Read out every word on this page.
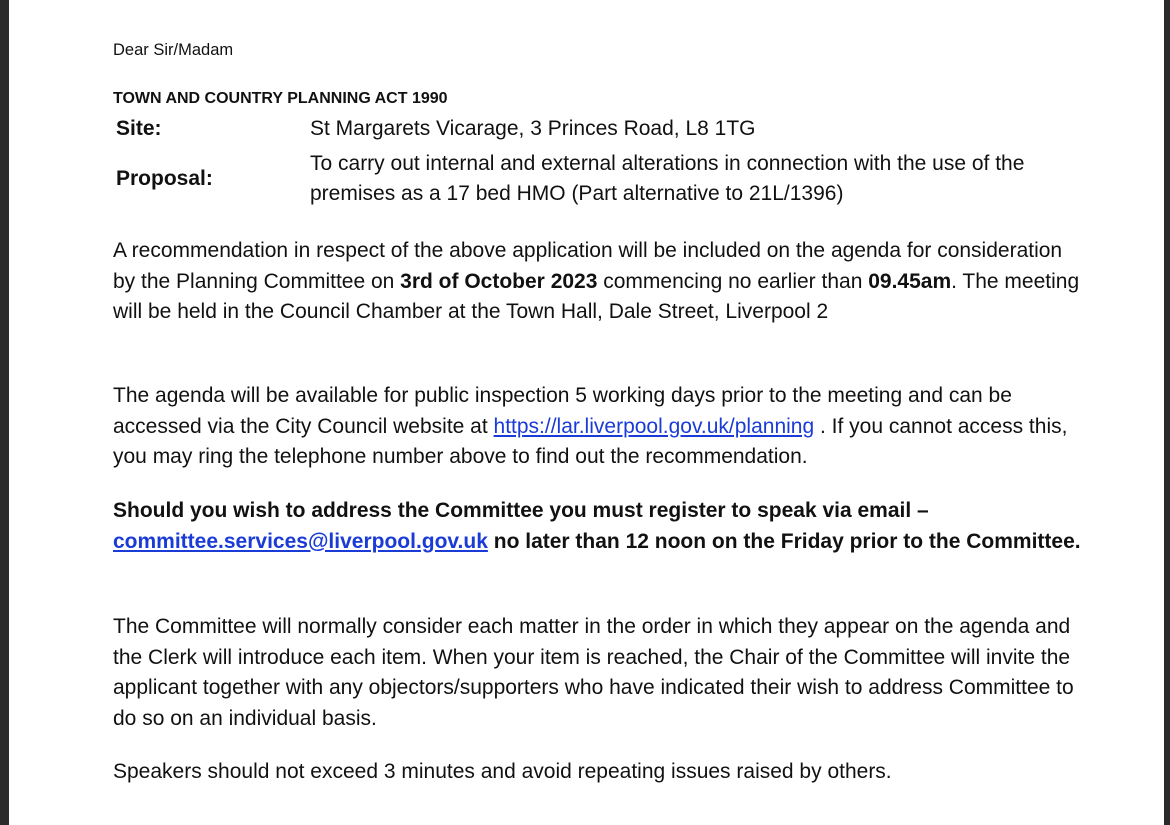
Dear Sir/Madam
TOWN AND COUNTRY PLANNING ACT 1990
Site:	St Margarets Vicarage, 3 Princes Road, L8 1TG
Proposal:
To carry out internal and external alterations in connection with the use of the premises as a 17 bed HMO (Part alternative to 21L/1396)
A recommendation in respect of the above application will be included on the agenda for consideration by the Planning Committee on 3rd of October 2023 commencing no earlier than 09.45am. The meeting will be held in the Council Chamber at the Town Hall, Dale Street, Liverpool 2
The agenda will be available for public inspection 5 working days prior to the meeting and can be accessed via the City Council website at https://lar.liverpool.gov.uk/planning . If you cannot access this, you may ring the telephone number above to find out the recommendation.
Should you wish to address the Committee you must register to speak via email – committee.services@liverpool.gov.uk no later than 12 noon on the Friday prior to the Committee.
The Committee will normally consider each matter in the order in which they appear on the agenda and the Clerk will introduce each item. When your item is reached, the Chair of the Committee will invite the applicant together with any objectors/supporters who have indicated their wish to address Committee to do so on an individual basis.
Speakers should not exceed 3 minutes and avoid repeating issues raised by others.
